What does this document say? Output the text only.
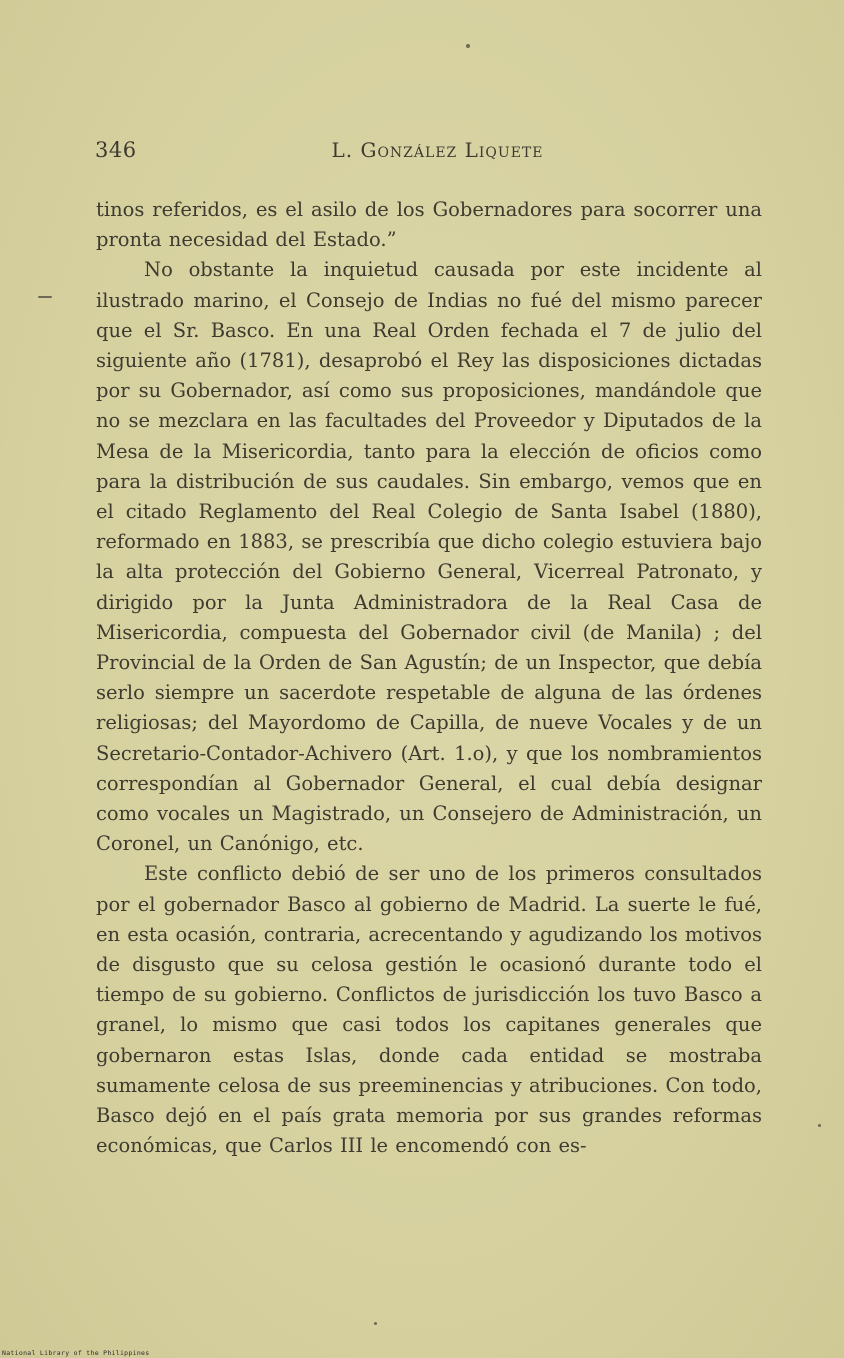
346	L. González Liquete

tinos referidos, es el asilo de los Gobernadores para socorrer una pronta necesidad del Estado.”

No obstante la inquietud causada por este incidente al ilustrado marino, el Consejo de Indias no fué del mismo parecer que el Sr. Basco. En una Real Orden fechada el 7 de julio del siguiente año (1781), desaprobó el Rey las disposiciones dictadas por su Gobernador, así como sus proposiciones, mandándole que no se mezclara en las facultades del Proveedor y Diputados de la Mesa de la Misericordia, tanto para la elección de oficios como para la distribución de sus caudales. Sin embargo, vemos que en el citado Reglamento del Real Colegio de Santa Isabel (1880), reformado en 1883, se prescribía que dicho colegio estuviera bajo la alta protección del Gobierno General, Vicerreal Patronato, y dirigido por la Junta Administradora de la Real Casa de Misericordia, compuesta del Gobernador civil (de Manila) ; del Provincial de la Orden de San Agustín; de un Inspector, que debía serlo siempre un sacerdote respetable de alguna de las órdenes religiosas; del Mayordomo de Capilla, de nueve Vocales y de un Secretario-Contador-Achivero (Art. 1.o), y que los nombramientos correspondían al Gobernador General, el cual debía designar como vocales un Magistrado, un Consejero de Administración, un Coronel, un Canónigo, etc.

Este conflicto debió de ser uno de los primeros consultados por el gobernador Basco al gobierno de Madrid. La suerte le fué, en esta ocasión, contraria, acrecentando y agudizando los motivos de disgusto que su celosa gestión le ocasionó durante todo el tiempo de su gobierno. Conflictos de jurisdicción los tuvo Basco a granel, lo mismo que casi todos los capitanes generales que gobernaron estas Islas, donde cada entidad se mostraba sumamente celosa de sus preeminencias y atribuciones. Con todo, Basco dejó en el país grata memoria por sus grandes reformas económicas, que Carlos III le encomendó con es-

National Library of the Philippines
